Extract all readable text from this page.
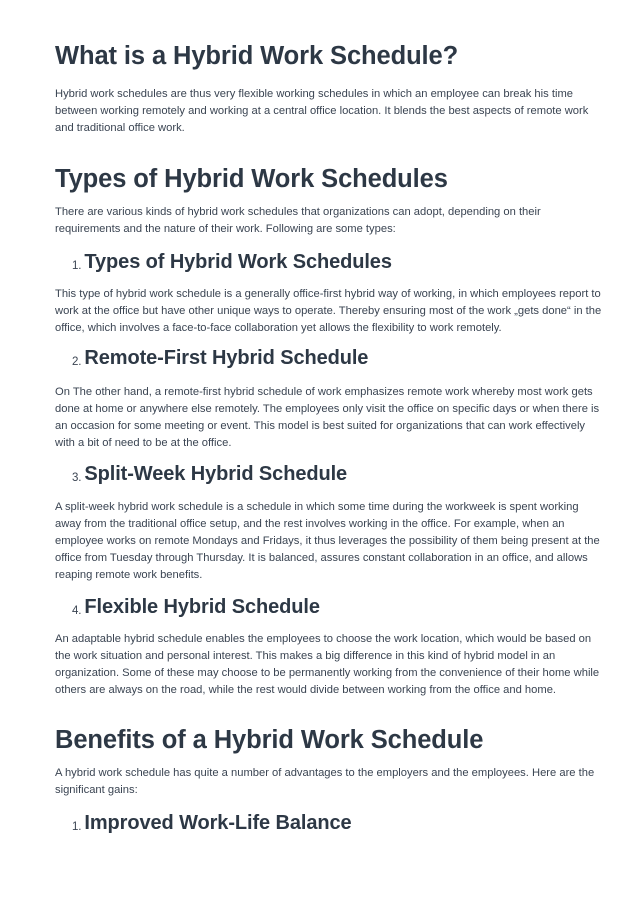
What is a Hybrid Work Schedule?

Hybrid work schedules are thus very flexible working schedules in which an employee can break his time between working remotely and working at a central office location. It blends the best aspects of remote work and traditional office work.

Types of Hybrid Work Schedules

There are various kinds of hybrid work schedules that organizations can adopt, depending on their requirements and the nature of their work. Following are some types:

1. Types of Hybrid Work Schedules

This type of hybrid work schedule is a generally office-first hybrid way of working, in which employees report to work at the office but have other unique ways to operate. Thereby ensuring most of the work „gets done“ in the office, which involves a face-to-face collaboration yet allows the flexibility to work remotely.

2. Remote-First Hybrid Schedule

On The other hand, a remote-first hybrid schedule of work emphasizes remote work whereby most work gets done at home or anywhere else remotely. The employees only visit the office on specific days or when there is an occasion for some meeting or event. This model is best suited for organizations that can work effectively with a bit of need to be at the office.

3. Split-Week Hybrid Schedule

A split-week hybrid work schedule is a schedule in which some time during the workweek is spent working away from the traditional office setup, and the rest involves working in the office. For example, when an employee works on remote Mondays and Fridays, it thus leverages the possibility of them being present at the office from Tuesday through Thursday. It is balanced, assures constant collaboration in an office, and allows reaping remote work benefits.

4. Flexible Hybrid Schedule

An adaptable hybrid schedule enables the employees to choose the work location, which would be based on the work situation and personal interest. This makes a big difference in this kind of hybrid model in an organization. Some of these may choose to be permanently working from the convenience of their home while others are always on the road, while the rest would divide between working from the office and home.

Benefits of a Hybrid Work Schedule

A hybrid work schedule has quite a number of advantages to the employers and the employees. Here are the significant gains:

1. Improved Work-Life Balance
